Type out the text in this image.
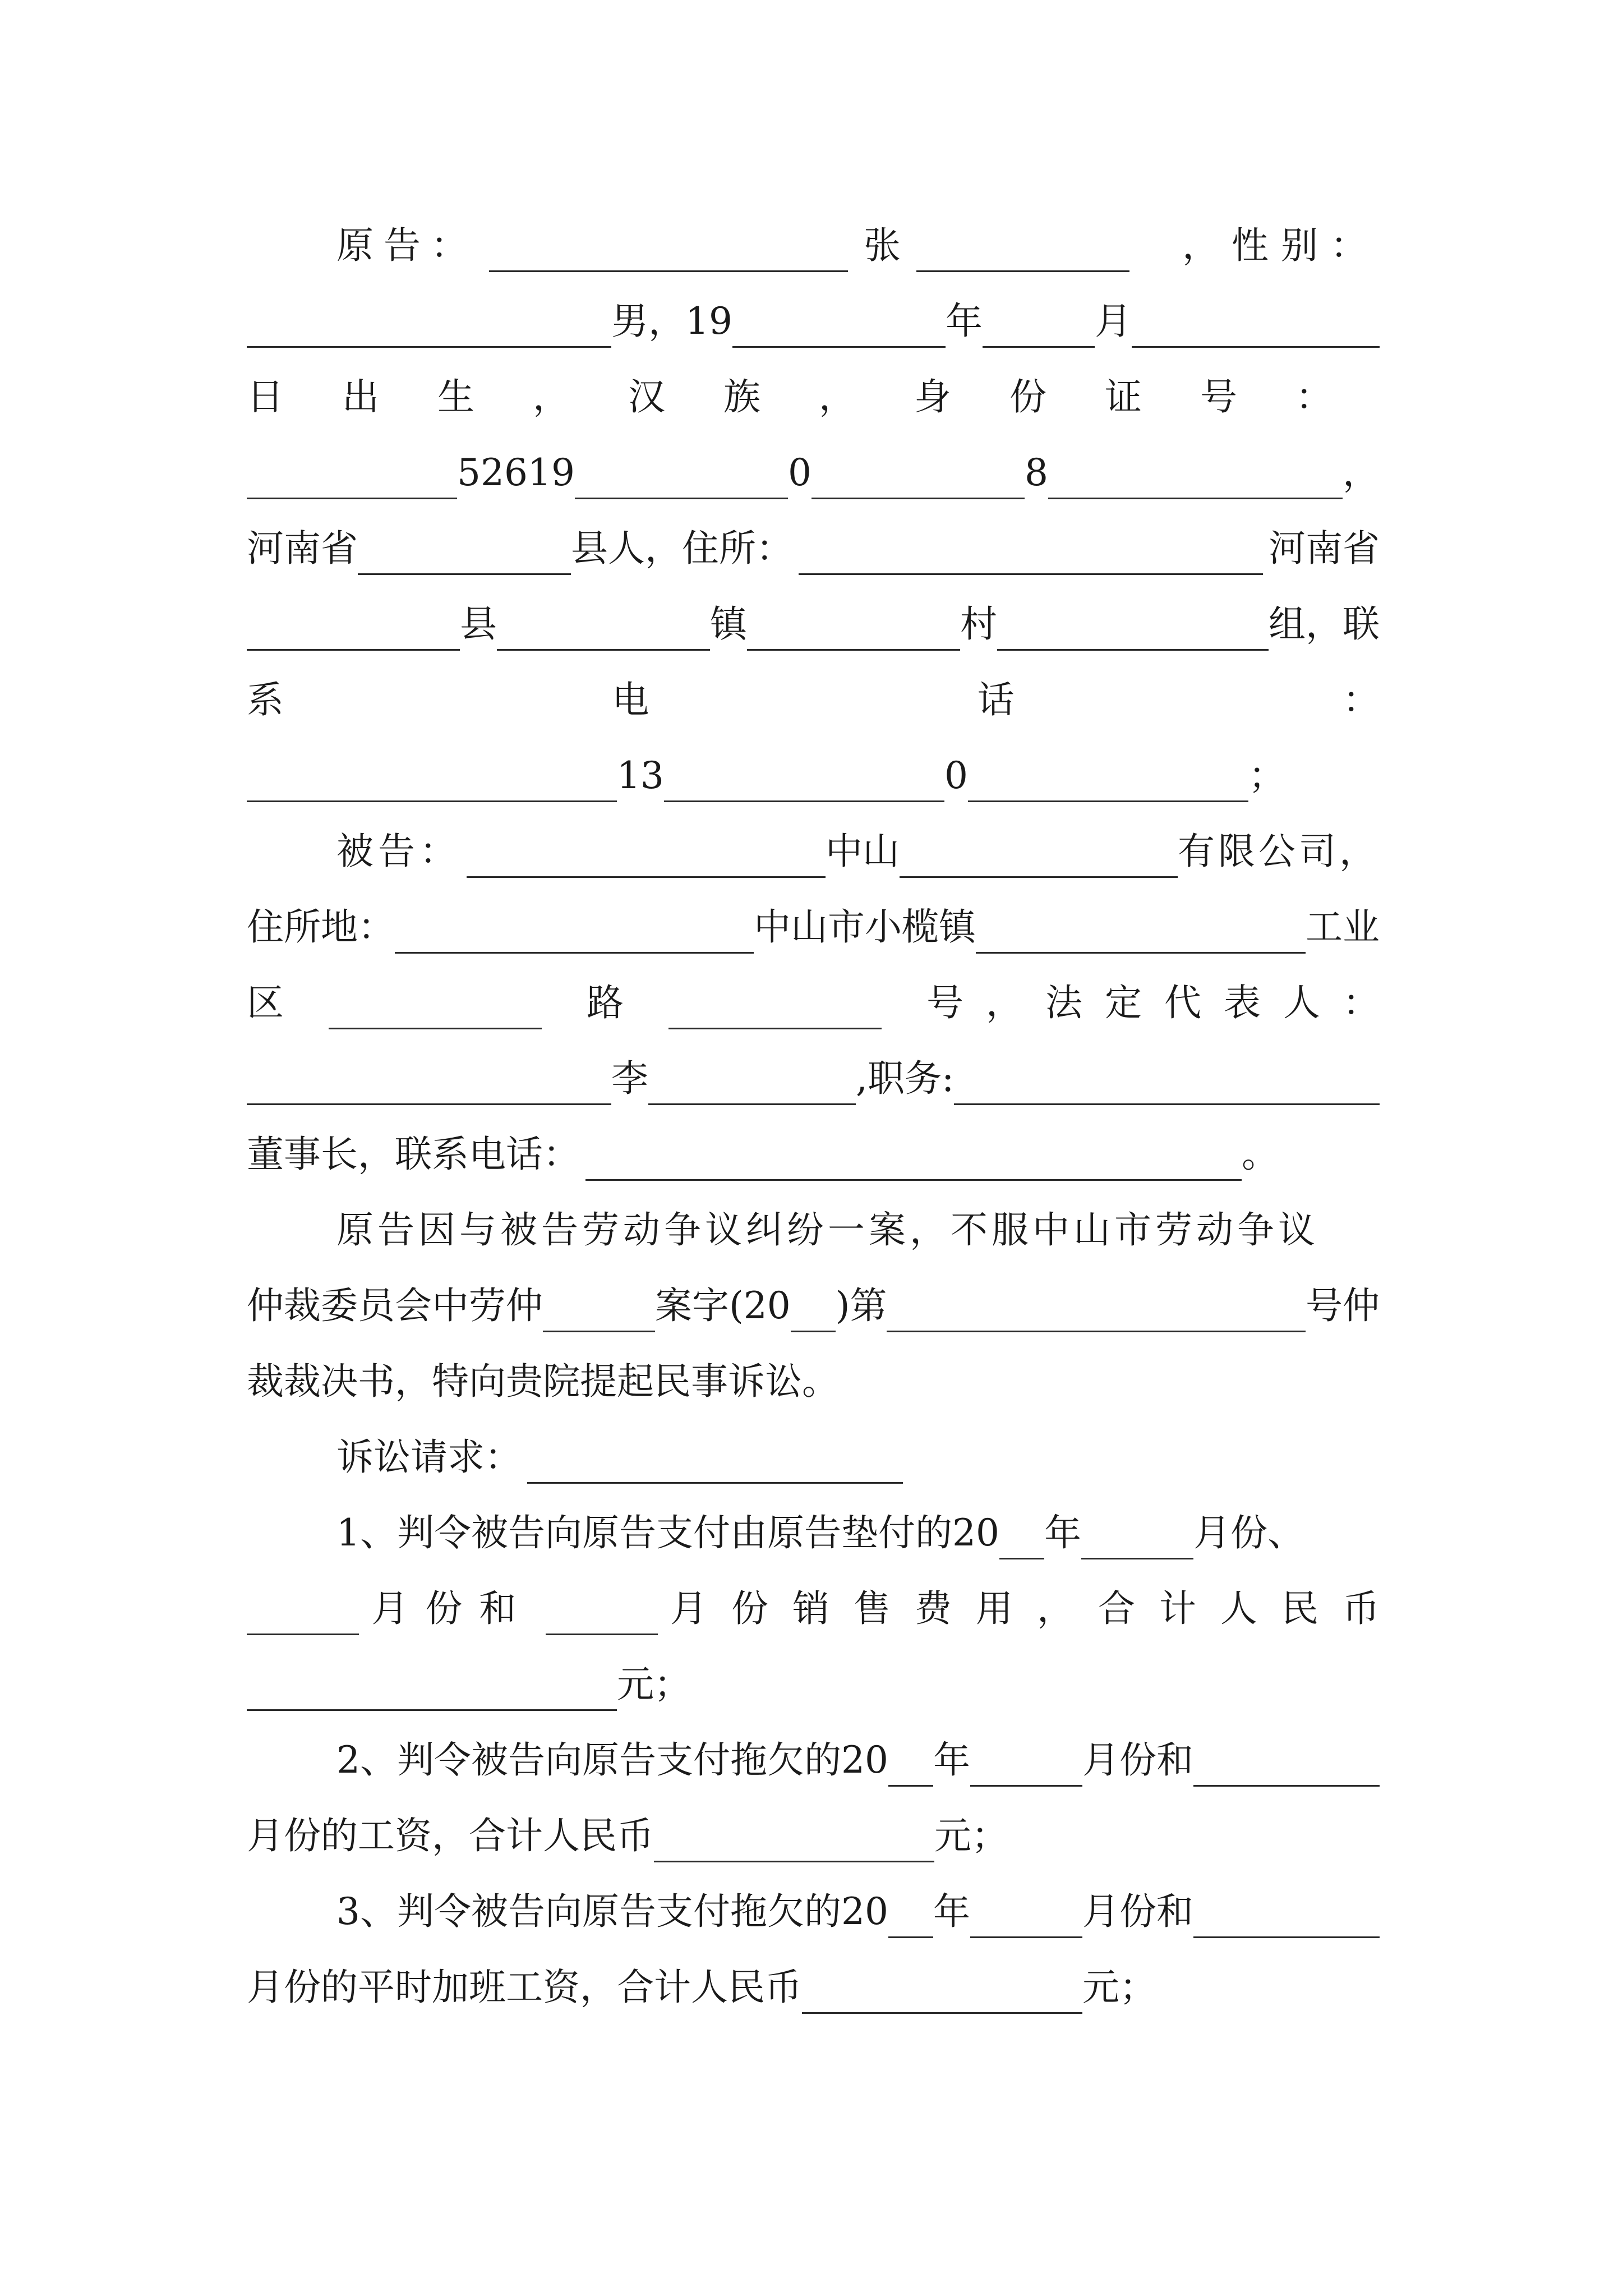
原告：	张	，性别：
男 ，19	年	月
日出生，汉族，身份证号：
52619	0	8	，
河南省	县人，住所：	河南省
县	镇	村	组，联
系	电	话	：
13	0	；
被告：	中山	有限公司，
住所地：	中山市小榄镇	工业
区	路	号，法定代表人：
李	,职务:
董事长，联系电话：	。
原告因与被告劳动争议纠纷一案，不服中山市劳动争议
仲裁委员会中劳仲	案字(20 )第	号仲
裁裁决书，特向贵院提起民事诉讼。
诉讼请求：
1、判令被告向原告支付由原告垫付的20 年	月份、
月份和	月份销售费用，合计人民币
元；
2、判令被告向原告支付拖欠的20 年	月份和
月份的工资，合计人民币	元；
3、判令被告向原告支付拖欠的20 年	月份和
月份的平时加班工资，合计人民币	元；
